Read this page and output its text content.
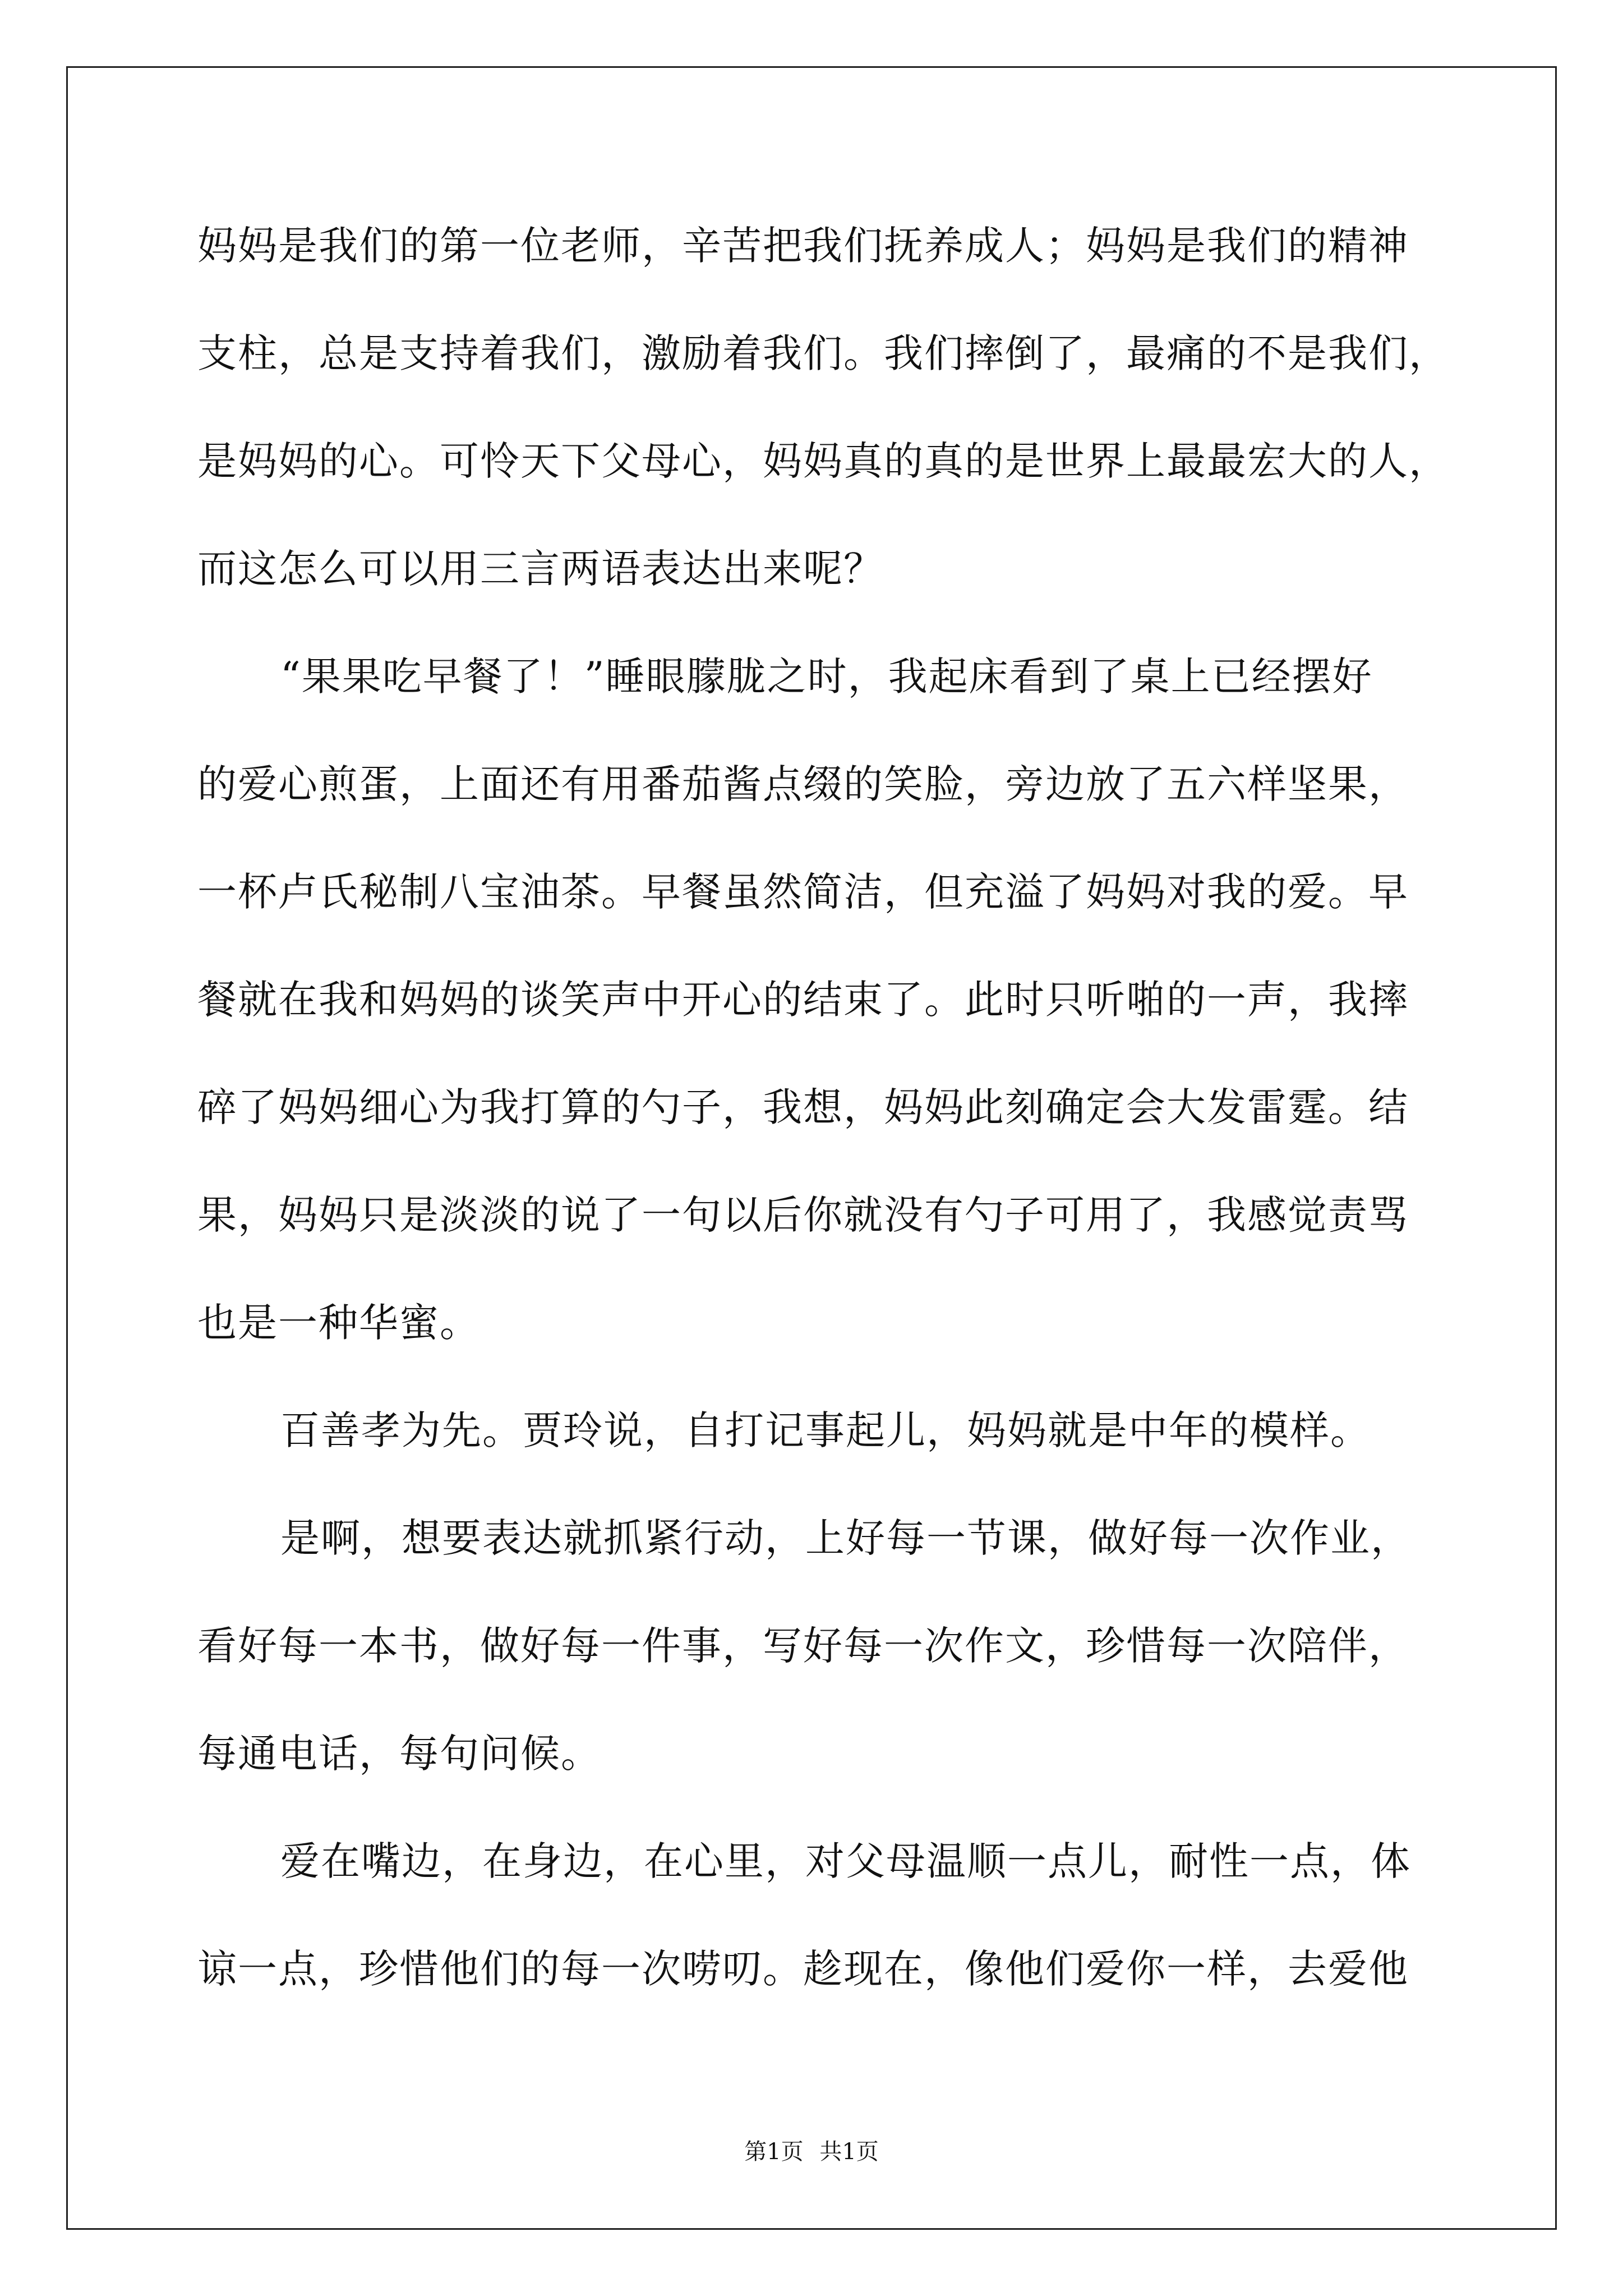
妈妈是我们的第一位老师，辛苦把我们抚养成人；妈妈是我们的精神
支柱，总是支持着我们，激励着我们。我们摔倒了，最痛的不是我们，
是妈妈的心。可怜天下父母心，妈妈真的真的是世界上最最宏大的人，
而这怎么可以用三言两语表达出来呢？
“果果吃早餐了！”睡眼朦胧之时，我起床看到了桌上已经摆好
的爱心煎蛋，上面还有用番茄酱点缀的笑脸，旁边放了五六样坚果，
一杯卢氏秘制八宝油茶。早餐虽然简洁，但充溢了妈妈对我的爱。早
餐就在我和妈妈的谈笑声中开心的结束了。此时只听啪的一声，我摔
碎了妈妈细心为我打算的勺子，我想，妈妈此刻确定会大发雷霆。结
果，妈妈只是淡淡的说了一句以后你就没有勺子可用了，我感觉责骂
也是一种华蜜。
百善孝为先。贾玲说，自打记事起儿，妈妈就是中年的模样。
是啊，想要表达就抓紧行动，上好每一节课，做好每一次作业，
看好每一本书，做好每一件事，写好每一次作文，珍惜每一次陪伴，
每通电话，每句问候。
爱在嘴边，在身边，在心里，对父母温顺一点儿，耐性一点，体
谅一点，珍惜他们的每一次唠叨。趁现在，像他们爱你一样，去爱他
第1页 共1页
